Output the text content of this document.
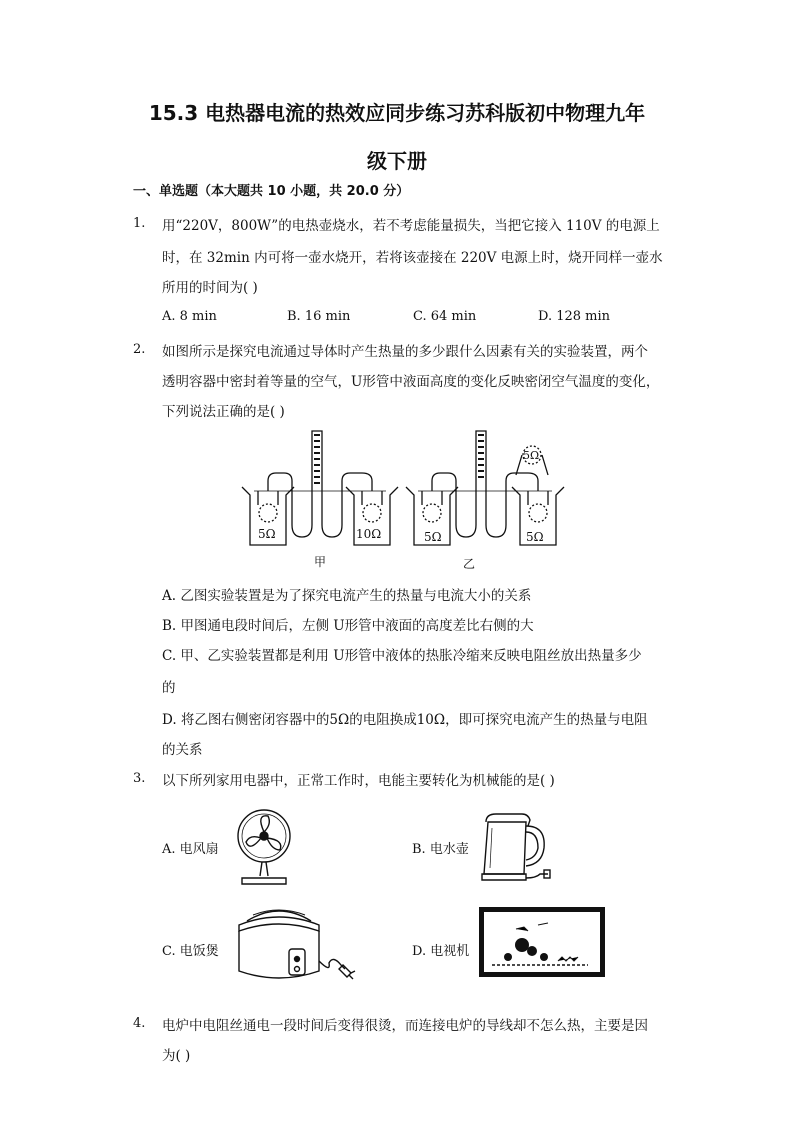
15.3 电热器电流的热效应同步练习苏科版初中物理九年
级下册
一、单选题（本大题共 10 小题，共 20.0 分）
1. 用“220V，800W”的电热壶烧水，若不考虑能量损失，当把它接入 110V 的电源上
时，在 32min 内可将一壶水烧开，若将该壶接在 220V 电源上时，烧开同样一壶水
所用的时间为( )
A. 8 min	B. 16 min	C. 64 min	D. 128 min
2. 如图所示是探究电流通过导体时产生热量的多少跟什么因素有关的实验装置，两个
透明容器中密封着等量的空气，U形管中液面高度的变化反映密闭空气温度的变化，
下列说法正确的是( )
5Ω	10Ω
甲
5Ω	5Ω
5Ω
乙
A. 乙图实验装置是为了探究电流产生的热量与电流大小的关系
B. 甲图通电段时间后，左侧 U形管中液面的高度差比右侧的大
C. 甲、乙实验装置都是利用 U形管中液体的热胀冷缩来反映电阻丝放出热量多少
的
D. 将乙图右侧密闭容器中的5Ω的电阻换成10Ω，即可探究电流产生的热量与电阻
的关系
3. 以下所列家用电器中，正常工作时，电能主要转化为机械能的是( )
A. 电风扇	B. 电水壶
C. 电饭煲	D. 电视机
4. 电炉中电阻丝通电一段时间后变得很烫，而连接电炉的导线却不怎么热，主要是因
为( )
